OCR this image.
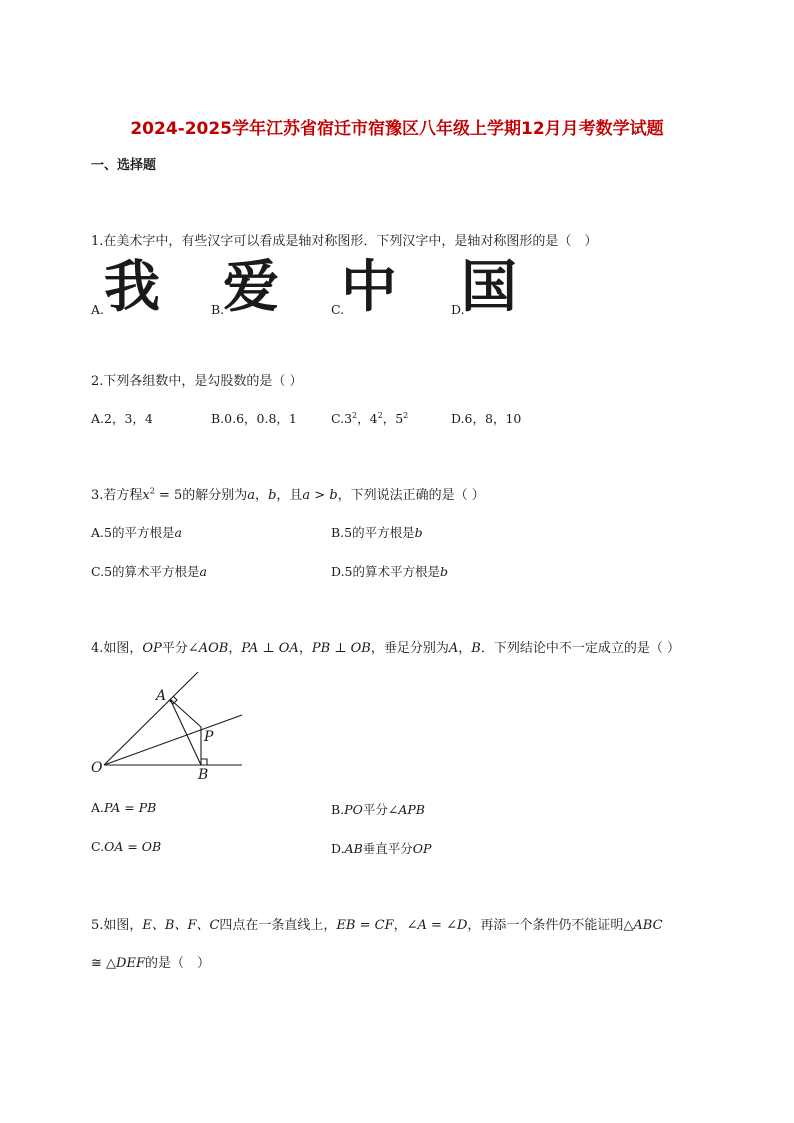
2024-2025学年江苏省宿迁市宿豫区八年级上学期12月月考数学试题
一、选择题
1.在美术字中，有些汉字可以看成是轴对称图形．下列汉字中，是轴对称图形的是（　）
A. 我	B.
爱	C.
中	D.
国
2.下列各组数中，是勾股数的是（ ）
A.2，3，4	B.0.6，0.8，1	$C.3^2$，$4^2$，$5^2$	D.6，8，10
3.若方程$x^2 = 5$的解分别为a，b，且a > b，下列说法正确的是（ ）
A.5的平方根是a	B.5的平方根是b
C.5的算术平方根是a	D.5的算术平方根是b
4.如图，OP平分∠AOB，PA ⊥ OA，PB ⊥ OB，垂足分别为A，B．下列结论中不一定成立的是（ ）
A
P
O	B
A.PA = PB	B.PO平分∠APB
C.OA = OB	D.AB垂直平分OP
5.如图，E、B、F、C四点在一条直线上，EB = CF，∠A = ∠D，再添一个条件仍不能证明△ABC
≅ △DEF的是（　）
